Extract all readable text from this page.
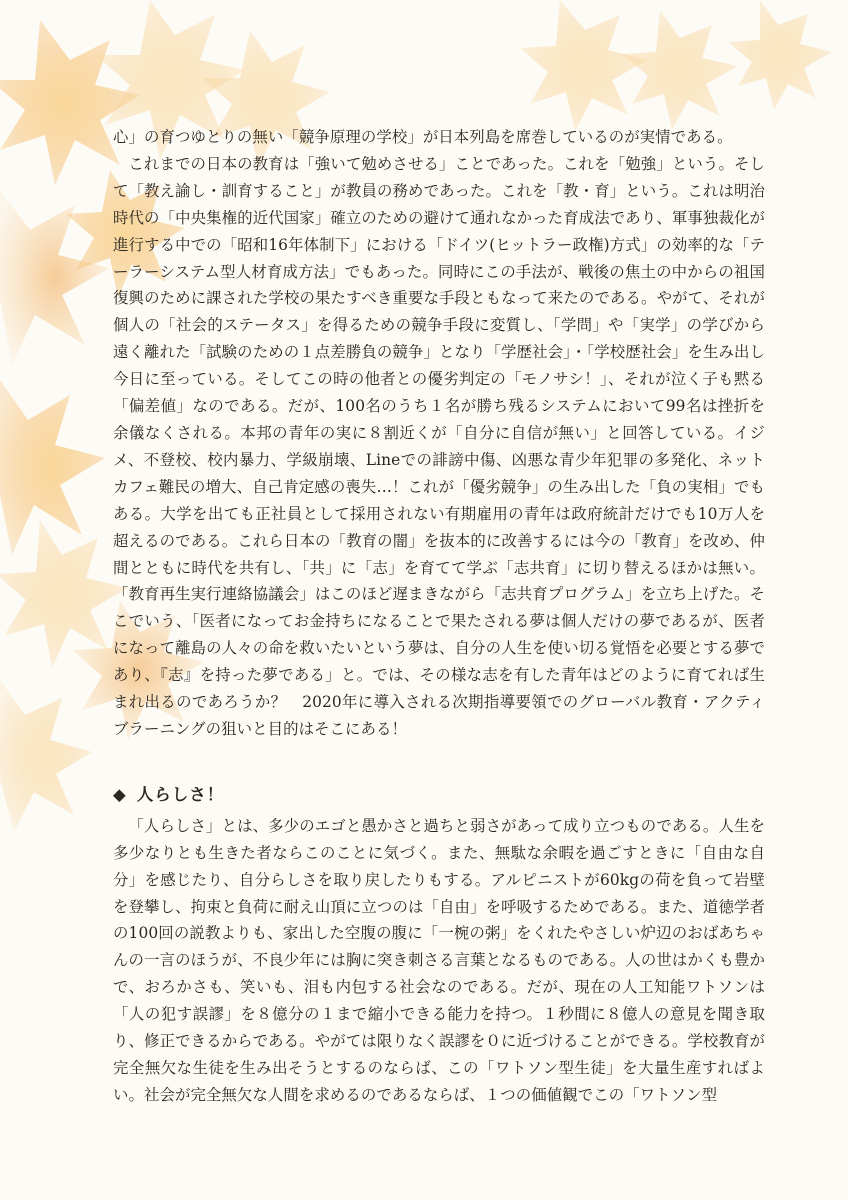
心」の育つゆとりの無い「競争原理の学校」が日本列島を席巻しているのが実情である。

これまでの日本の教育は「強いて勉めさせる」ことであった。これを「勉強」という。そして「教え諭し・訓育すること」が教員の務めであった。これを「教・育」という。これは明治時代の「中央集権的近代国家」確立のための避けて通れなかった育成法であり、軍事独裁化が進行する中での「昭和16年体制下」における「ドイツ(ヒットラー政権)方式」の効率的な「テーラーシステム型人材育成方法」でもあった。同時にこの手法が、戦後の焦土の中からの祖国復興のために課された学校の果たすべき重要な手段ともなって来たのである。やがて、それが個人の「社会的ステータス」を得るための競争手段に変質し、「学問」や「実学」の学びから遠く離れた「試験のための１点差勝負の競争」となり「学歴社会」・「学校歴社会」を生み出し今日に至っている。そしてこの時の他者との優劣判定の「モノサシ！」、それが泣く子も黙る「偏差値」なのである。だが、100名のうち１名が勝ち残るシステムにおいて99名は挫折を余儀なくされる。本邦の青年の実に８割近くが「自分に自信が無い」と回答している。イジメ、不登校、校内暴力、学級崩壊、Lineでの誹謗中傷、凶悪な青少年犯罪の多発化、ネットカフェ難民の増大、自己肯定感の喪失…！これが「優劣競争」の生み出した「負の実相」でもある。大学を出ても正社員として採用されない有期雇用の青年は政府統計だけでも10万人を超えるのである。これら日本の「教育の闇」を抜本的に改善するには今の「教育」を改め、仲間とともに時代を共有し、「共」に「志」を育てて学ぶ「志共育」に切り替えるほかは無い。「教育再生実行連絡協議会」はこのほど遅まきながら「志共育プログラム」を立ち上げた。そこでいう、「医者になってお金持ちになることで果たされる夢は個人だけの夢であるが、医者になって離島の人々の命を救いたいという夢は、自分の人生を使い切る覚悟を必要とする夢であり、『志』を持った夢である」と。では、その様な志を有した青年はどのように育てれば生まれ出るのであろうか？　2020年に導入される次期指導要領でのグローバル教育・アクティブラーニングの狙いと目的はそこにある！

◆ 人らしさ！

「人らしさ」とは、多少のエゴと愚かさと過ちと弱さがあって成り立つものである。人生を多少なりとも生きた者ならこのことに気づく。また、無駄な余暇を過ごすときに「自由な自分」を感じたり、自分らしさを取り戻したりもする。アルピニストが60kgの荷を負って岩壁を登攀し、拘束と負荷に耐え山頂に立つのは「自由」を呼吸するためである。また、道徳学者の100回の説教よりも、家出した空腹の腹に「一椀の粥」をくれたやさしい炉辺のおばあちゃんの一言のほうが、不良少年には胸に突き刺さる言葉となるものである。人の世はかくも豊かで、おろかさも、笑いも、泪も内包する社会なのである。だが、現在の人工知能ワトソンは「人の犯す誤謬」を８億分の１まで縮小できる能力を持つ。１秒間に８億人の意見を聞き取り、修正できるからである。やがては限りなく誤謬を０に近づけることができる。学校教育が完全無欠な生徒を生み出そうとするのならば、この「ワトソン型生徒」を大量生産すればよい。社会が完全無欠な人間を求めるのであるならば、１つの価値観でこの「ワトソン型
